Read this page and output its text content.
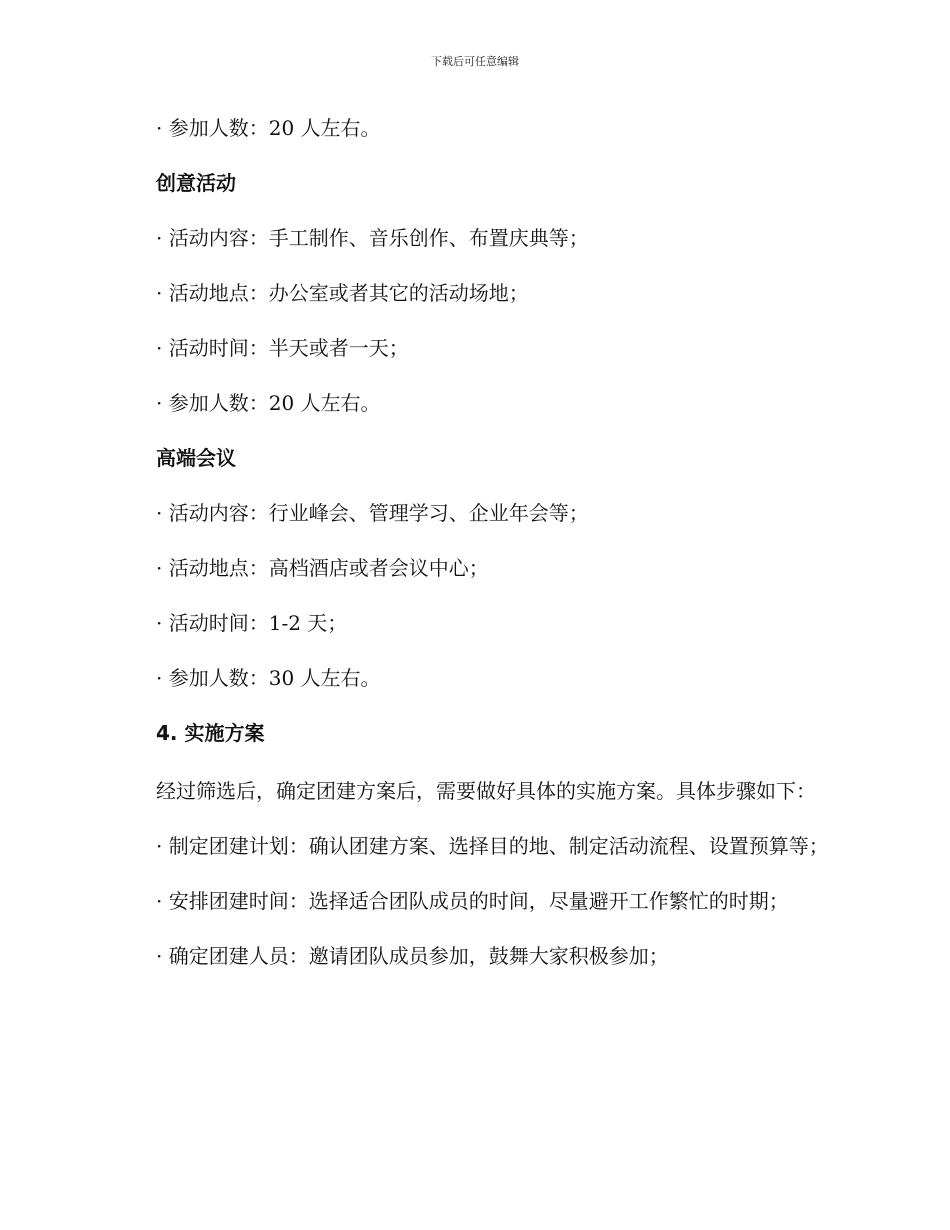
下载后可任意编辑
· 参加人数：20 人左右。
创意活动
· 活动内容：手工制作、音乐创作、布置庆典等；
· 活动地点：办公室或者其它的活动场地；
· 活动时间：半天或者一天；
· 参加人数：20 人左右。
高端会议
· 活动内容：行业峰会、管理学习、企业年会等；
· 活动地点：高档酒店或者会议中心；
· 活动时间：1-2 天；
· 参加人数：30 人左右。
4. 实施方案
经过筛选后，确定团建方案后，需要做好具体的实施方案。具体步骤如下：
· 制定团建计划：确认团建方案、选择目的地、制定活动流程、设置预算等；
· 安排团建时间：选择适合团队成员的时间，尽量避开工作繁忙的时期；
· 确定团建人员：邀请团队成员参加，鼓舞大家积极参加；
